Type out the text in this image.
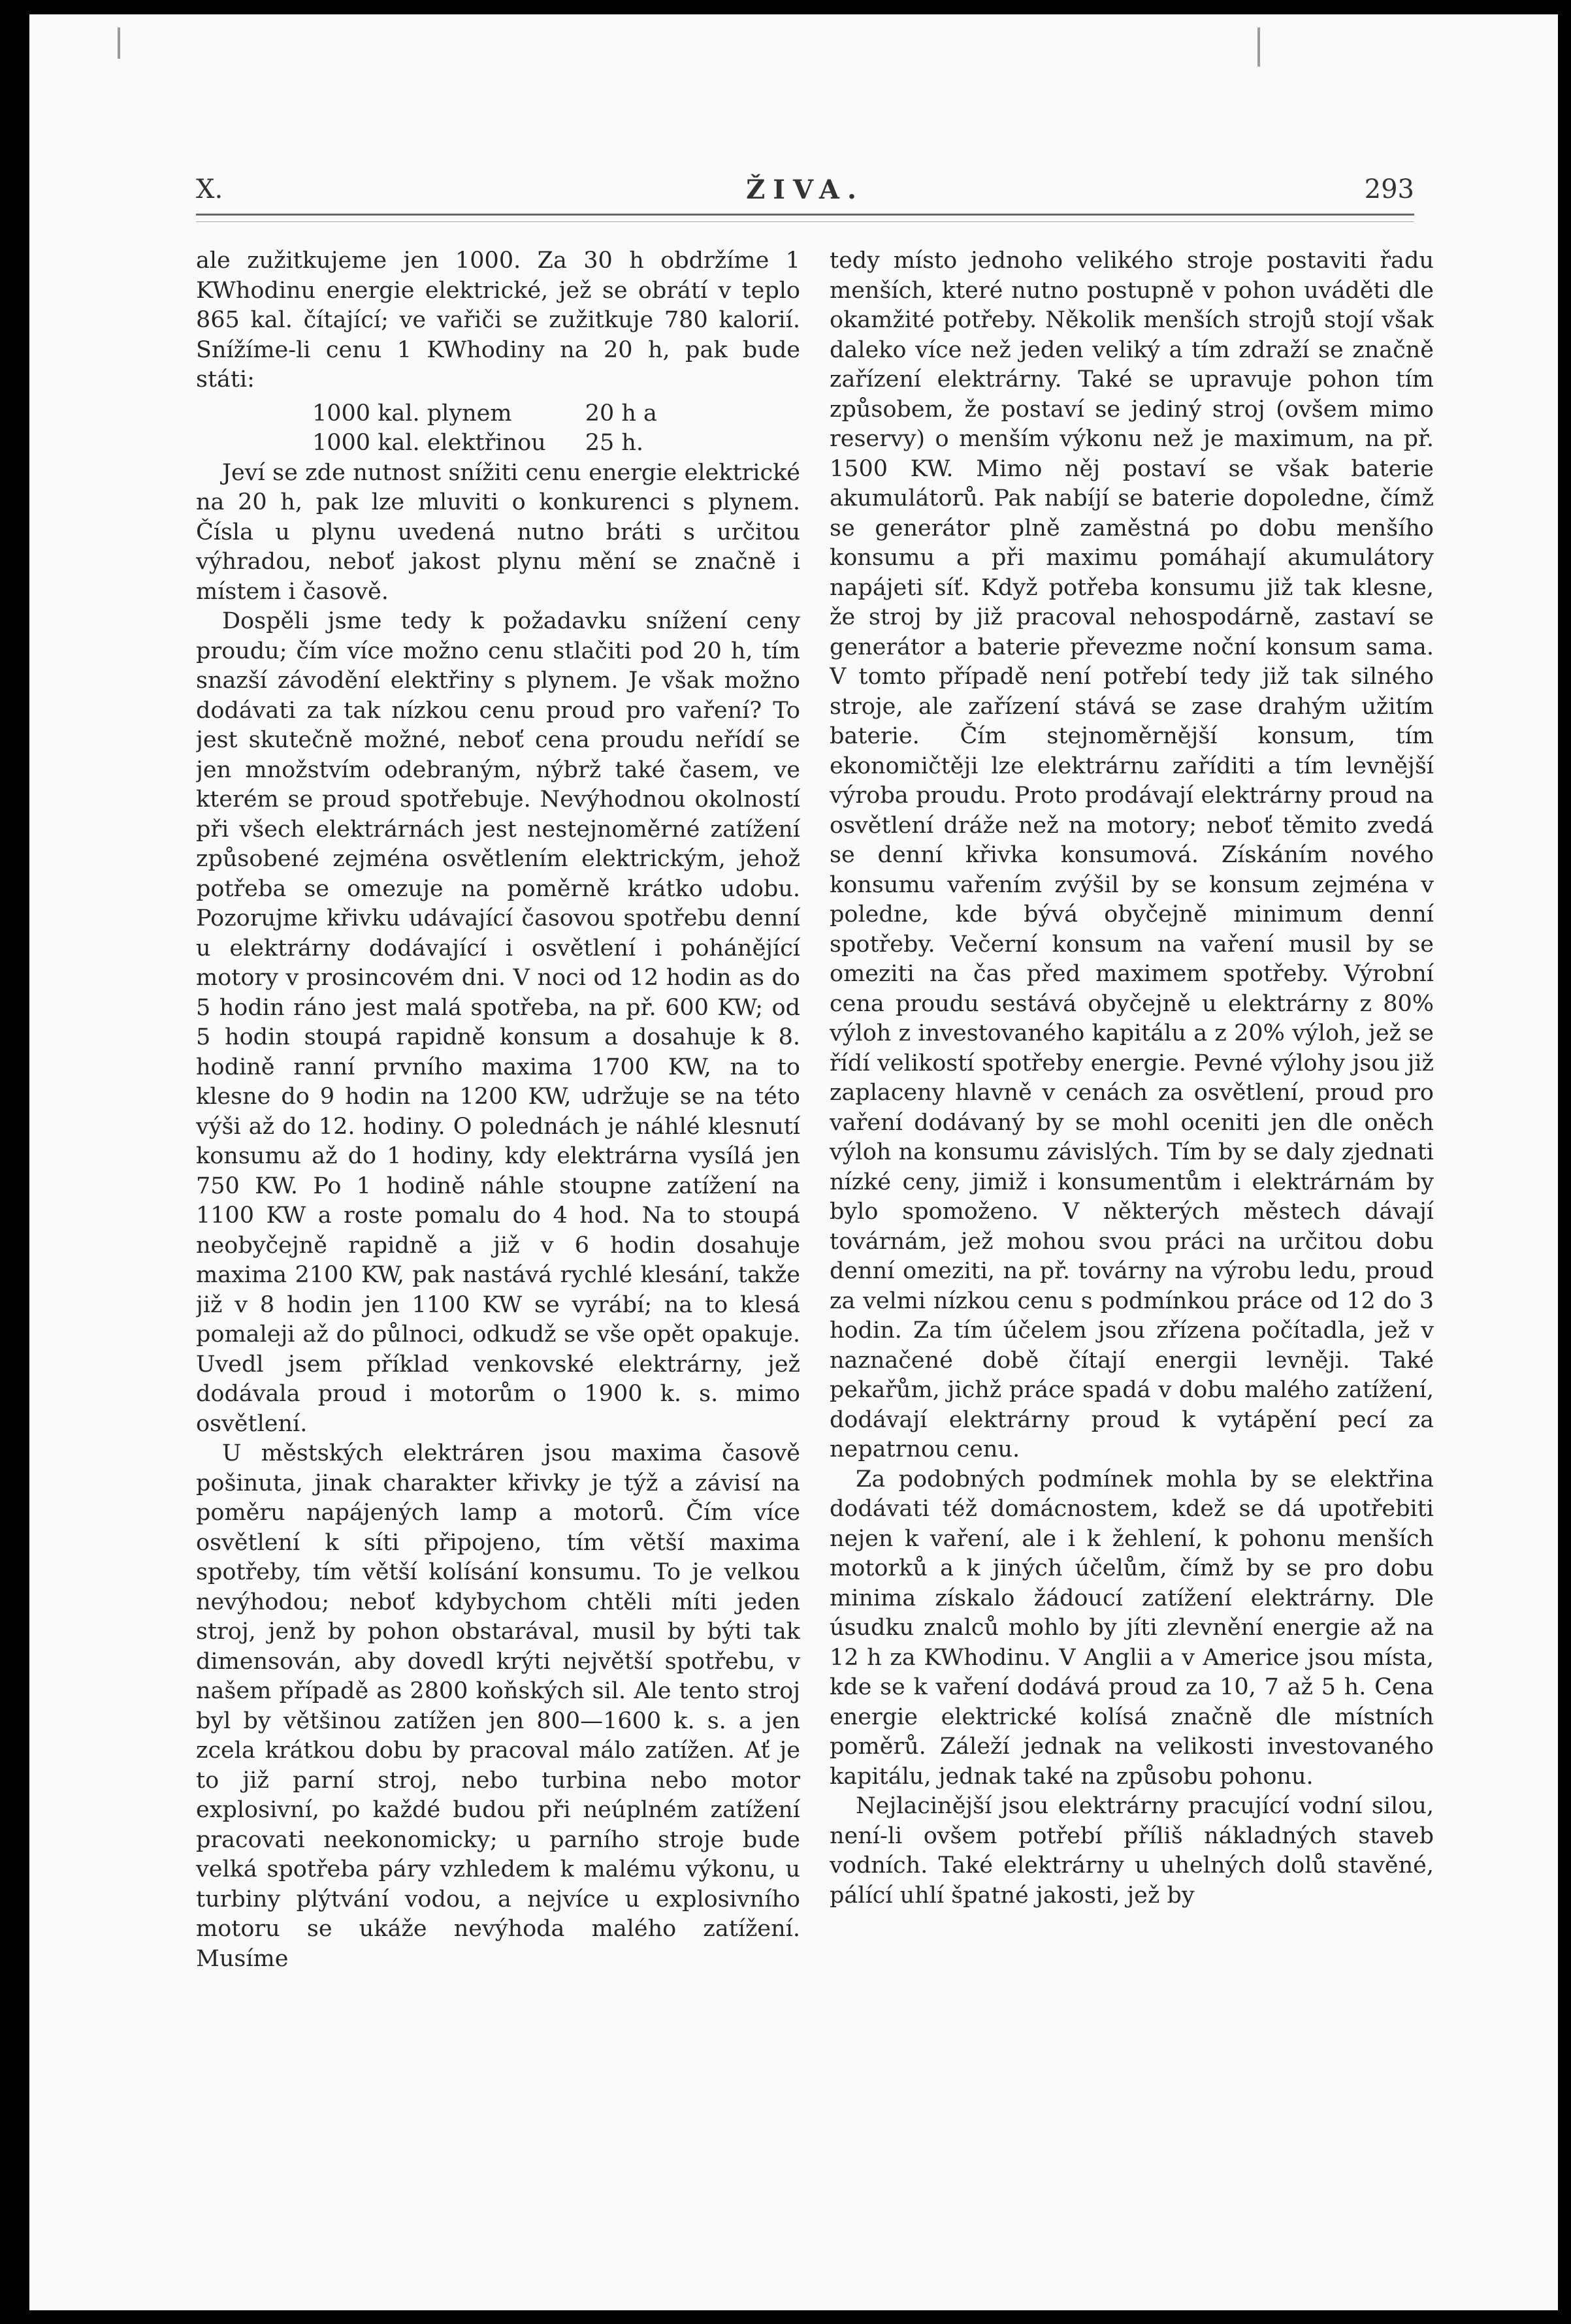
X.	ŽIVA.	293

ale zužitkujeme jen 1000. Za 30 h obdržíme 1 KWhodinu energie elektrické, jež se obrátí v teplo 865 kal. čítající; ve vařiči se zužitkuje 780 kalorií. Snížíme-li cenu 1 KWhodiny na 20 h, pak bude státi:

1000 kal. plynem	20 h a
1000 kal. elektřinou	25 h.

Jeví se zde nutnost snížiti cenu energie elektrické na 20 h, pak lze mluviti o konkurenci s plynem. Čísla u plynu uvedená nutno bráti s určitou výhradou, neboť jakost plynu mění se značně i místem i časově.

Dospěli jsme tedy k požadavku snížení ceny proudu; čím více možno cenu stlačiti pod 20 h, tím snazší závodění elektřiny s plynem. Je však možno dodávati za tak nízkou cenu proud pro vaření? To jest skutečně možné, neboť cena proudu neřídí se jen množstvím odebraným, nýbrž také časem, ve kterém se proud spotřebuje. Nevýhodnou okolností při všech elektrárnách jest nestejnoměrné zatížení způsobené zejména osvětlením elektrickým, jehož potřeba se omezuje na poměrně krátko udobu. Pozorujme křivku udávající časovou spotřebu denní u elektrárny dodávající i osvětlení i pohánějící motory v prosincovém dni. V noci od 12 hodin as do 5 hodin ráno jest malá spotřeba, na př. 600 KW; od 5 hodin stoupá rapidně konsum a dosahuje k 8. hodině ranní prvního maxima 1700 KW, na to klesne do 9 hodin na 1200 KW, udržuje se na této výši až do 12. hodiny. O polednách je náhlé klesnutí konsumu až do 1 hodiny, kdy elektrárna vysílá jen 750 KW. Po 1 hodině náhle stoupne zatížení na 1100 KW a roste pomalu do 4 hod. Na to stoupá neobyčejně rapidně a již v 6 hodin dosahuje maxima 2100 KW, pak nastává rychlé klesání, takže již v 8 hodin jen 1100 KW se vyrábí; na to klesá pomaleji až do půlnoci, odkudž se vše opět opakuje. Uvedl jsem příklad venkovské elektrárny, jež dodávala proud i motorům o 1900 k. s. mimo osvětlení.

U městských elektráren jsou maxima časově pošinuta, jinak charakter křivky je týž a závisí na poměru napájených lamp a motorů. Čím více osvětlení k síti připojeno, tím větší maxima spotřeby, tím větší kolísání konsumu. To je velkou nevýhodou; neboť kdybychom chtěli míti jeden stroj, jenž by pohon obstarával, musil by býti tak dimensován, aby dovedl krýti největší spotřebu, v našem případě as 2800 koňských sil. Ale tento stroj byl by většinou zatížen jen 800—1600 k. s. a jen zcela krátkou dobu by pracoval málo zatížen. Ať je to již parní stroj, nebo turbina nebo motor explosivní, po každé budou při neúplném zatížení pracovati neekonomicky; u parního stroje bude velká spotřeba páry vzhledem k malému výkonu, u turbiny plýtvání vodou, a nejvíce u explosivního motoru se ukáže nevýhoda malého zatížení. Musíme

tedy místo jednoho velikého stroje postaviti řadu menších, které nutno postupně v pohon uváděti dle okamžité potřeby. Několik menších strojů stojí však daleko více než jeden veliký a tím zdraží se značně zařízení elektrárny. Také se upravuje pohon tím způsobem, že postaví se jediný stroj (ovšem mimo reservy) o menším výkonu než je maximum, na př. 1500 KW. Mimo něj postaví se však baterie akumulátorů. Pak nabíjí se baterie dopoledne, čímž se generátor plně zaměstná po dobu menšího konsumu a při maximu pomáhají akumulátory napájeti síť. Když potřeba konsumu již tak klesne, že stroj by již pracoval nehospodárně, zastaví se generátor a baterie převezme noční konsum sama. V tomto případě není potřebí tedy již tak silného stroje, ale zařízení stává se zase drahým užitím baterie. Čím stejnoměrnější konsum, tím ekonomičtěji lze elektrárnu zaříditi a tím levnější výroba proudu. Proto prodávají elektrárny proud na osvětlení dráže než na motory; neboť těmito zvedá se denní křivka konsumová. Získáním nového konsumu vařením zvýšil by se konsum zejména v poledne, kde bývá obyčejně minimum denní spotřeby. Večerní konsum na vaření musil by se omeziti na čas před maximem spotřeby. Výrobní cena proudu sestává obyčejně u elektrárny z 80% výloh z investovaného kapitálu a z 20% výloh, jež se řídí velikostí spotřeby energie. Pevné výlohy jsou již zaplaceny hlavně v cenách za osvětlení, proud pro vaření dodávaný by se mohl oceniti jen dle oněch výloh na konsumu závislých. Tím by se daly zjednati nízké ceny, jimiž i konsumentům i elektrárnám by bylo spomoženo. V některých městech dávají továrnám, jež mohou svou práci na určitou dobu denní omeziti, na př. továrny na výrobu ledu, proud za velmi nízkou cenu s podmínkou práce od 12 do 3 hodin. Za tím účelem jsou zřízena počítadla, jež v naznačené době čítají energii levněji. Také pekařům, jichž práce spadá v dobu malého zatížení, dodávají elektrárny proud k vytápění pecí za nepatrnou cenu.

Za podobných podmínek mohla by se elektřina dodávati též domácnostem, kdež se dá upotřebiti nejen k vaření, ale i k žehlení, k pohonu menších motorků a k jiných účelům, čímž by se pro dobu minima získalo žádoucí zatížení elektrárny. Dle úsudku znalců mohlo by jíti zlevnění energie až na 12 h za KWhodinu. V Anglii a v Americe jsou místa, kde se k vaření dodává proud za 10, 7 až 5 h. Cena energie elektrické kolísá značně dle místních poměrů. Záleží jednak na velikosti investovaného kapitálu, jednak také na způsobu pohonu.

Nejlacinější jsou elektrárny pracující vodní silou, není-li ovšem potřebí příliš nákladných staveb vodních. Také elektrárny u uhelných dolů stavěné, pálící uhlí špatné jakosti, jež by
